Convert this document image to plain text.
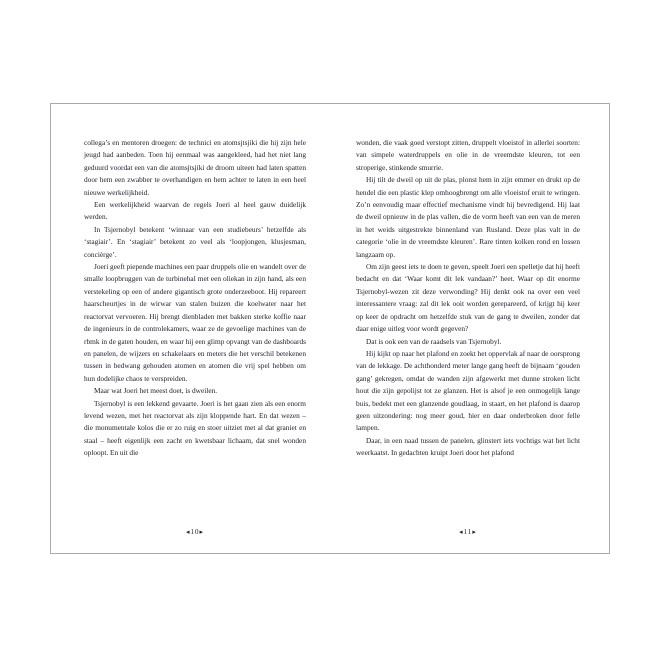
collega’s en mentoren droegen: de technici en atomsjtsjiki die hij zijn hele jeugd had aanbeden. Toen hij eenmaal was aangekleed, had het niet lang geduurd voordat een van die atomsjtsjiki de droom uiteen had laten spatten door hem een zwabber te overhandigen en hem achter te laten in een heel nieuwe werkelijkheid.

Een werkelijkheid waarvan de regels Joeri al heel gauw duidelijk werden.

In Tsjernobyl betekent ‘winnaar van een studiebeurs’ hetzelfde als ‘stagiair’. En ‘stagiair’ betekent zo veel als ‘loopjongen, klusjesman, concièrge’.

Joeri geeft piepende machines een paar druppels olie en wandelt over de smalle loopbruggen van de turbinehal met een oliekan in zijn hand, als een verstekeling op een of andere gigantisch grote onderzeeboot. Hij repareert haarscheurtjes in de wirwar van stalen buizen die koelwater naar het reactorvat vervoeren. Hij brengt dienbladen met bakken sterke koffie naar de ingenieurs in de controlekamers, waar ze de gevoelige machines van de rbmk in de gaten houden, en waar hij een glimp opvangt van de dashboards en panelen, de wijzers en schakelaars en meters die het verschil betekenen tussen in bedwang gehouden atomen en atomen die vrij spel hebben om hun dodelijke chaos te verspreiden.

Maar wat Joeri het meest doet, is dweilen.

Tsjernobyl is een lekkend gevaarte. Joeri is het gaan zien als een enorm levend wezen, met het reactorvat als zijn kloppende hart. En dat wezen – die monumentale kolos die er zo ruig en stoer uitziet met al dat graniet en staal – heeft eigenlijk een zacht en kwetsbaar lichaam, dat snel wonden oploopt. En uit die

wonden, die vaak goed verstopt zitten, druppelt vloeistof in allerlei soorten: van simpele waterdruppels en olie in de vreemdste kleuren, tot een stroperige, stinkende smurrie.

Hij tilt de dweil op uit de plas, plonst hem in zijn emmer en drukt op de hendel die een plastic klep omhoogbrengt om alle vloeistof eruit te wringen. Zo’n eenvoudig maar effectief mechanisme vindt hij bevredigend. Hij laat de dweil opnieuw in de plas vallen, die de vorm heeft van een van de meren in het weids uitgestrekte binnenland van Rusland. Deze plas valt in de categorie ‘olie in de vreemdste kleuren’. Rare tinten kolken rond en lossen langzaam op.

Om zijn geest iets te doen te geven, speelt Joeri een spelletje dat hij heeft bedacht en dat ‘Waar komt dit lek vandaan?’ heet. Waar op dit enorme Tsjernobyl-wezen zit deze verwonding? Hij denkt ook na over een veel interessantere vraag: zal dit lek ooit worden gerepareerd, of krijgt hij keer op keer de opdracht om hetzelfde stuk van de gang te dweilen, zonder dat daar enige uitleg voor wordt gegeven?

Dat is ook een van de raadsels van Tsjernobyl.

Hij kijkt op naar het plafond en zoekt het oppervlak af naar de oorsprong van de lekkage. De achthonderd meter lange gang heeft de bijnaam ‘gouden gang’ gekregen, omdat de wanden zijn afgewerkt met dunne stroken licht hout die zijn gepolijst tot ze glanzen. Het is alsof je een onmogelijk lange buis, bedekt met een glanzende goudlaag, in staart, en het plafond is daarop geen uitzondering: nog meer goud, hier en daar onderbroken door felle lampen.

Daar, in een naad tussen de panelen, glinstert iets vochtigs wat het licht weerkaatst. In gedachten kruipt Joeri door het plafond

◂10▸	◂11▸
